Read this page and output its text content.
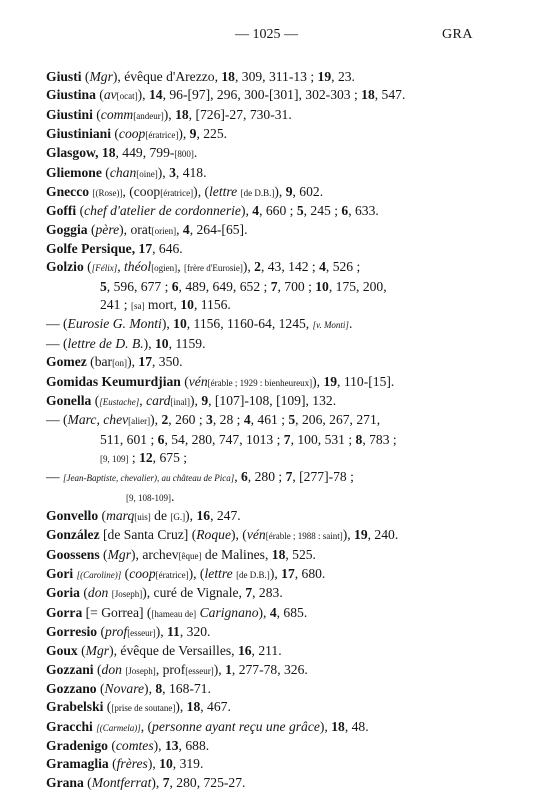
— 1025 —	GRA
Giusti (Mgr), évêque d'Arezzo, 18, 309, 311-13 ; 19, 23.
Giustina (av[ocat]), 14, 96-[97], 296, 300-[301], 302-303 ; 18, 547.
Giustini (comm[andeur]), 18, [726]-27, 730-31.
Giustiniani (coop[ératrice]), 9, 225.
Glasgow, 18, 449, 799-[800].
Gliemone (chan[oine]), 3, 418.
Gnecco [(Rose)], (coop[ératrice]), (lettre [de D.B.]), 9, 602.
Goffi (chef d'atelier de cordonnerie), 4, 660 ; 5, 245 ; 6, 633.
Goggia (père), orat[orien], 4, 264-[65].
Golfe Persique, 17, 646.
Golzio ([Félix], théol[ogien], [frère d'Eurosie]), 2, 43, 142 ; 4, 526 ;
5, 596, 677 ; 6, 489, 649, 652 ; 7, 700 ; 10, 175, 200,
241 ; [sa] mort, 10, 1156.
— (Eurosie G. Monti), 10, 1156, 1160-64, 1245, [v. Monti].
— (lettre de D. B.), 10, 1159.
Gomez (bar[on]), 17, 350.
Gomidas Keumurdjian (vén[érable ; 1929 : bienheureux]), 19, 110-[15].
Gonella ([Eustache], card[inal]), 9, [107]-108, [109], 132.
— (Marc, chev[alier]), 2, 260 ; 3, 28 ; 4, 461 ; 5, 206, 267, 271,
511, 601 ; 6, 54, 280, 747, 1013 ; 7, 100, 531 ; 8, 783 ;
[9, 109] ; 12, 675 ;
— [Jean-Baptiste, chevalier), au château de Pica], 6, 280 ; 7, [277]-78 ;
[9, 108-109].
Gonvello (marq[uis] de [G.]), 16, 247.
González [de Santa Cruz] (Roque), (vén[érable ; 1988 : saint]), 19, 240.
Goossens (Mgr), archev[êque] de Malines, 18, 525.
Gori [(Caroline)] (coop[ératrice]), (lettre [de D.B.]), 17, 680.
Goria (don [Joseph]), curé de Vignale, 7, 283.
Gorra [= Gorrea] ([hameau de] Carignano), 4, 685.
Gorresio (prof[esseur]), 11, 320.
Goux (Mgr), évêque de Versailles, 16, 211.
Gozzani (don [Joseph], prof[esseur]), 1, 277-78, 326.
Gozzano (Novare), 8, 168-71.
Grabelski ([prise de soutane]), 18, 467.
Gracchi [(Carmela)], (personne ayant reçu une grâce), 18, 48.
Gradenigo (comtes), 13, 688.
Gramaglia (frères), 10, 319.
Grana (Montferrat), 7, 280, 725-27.
